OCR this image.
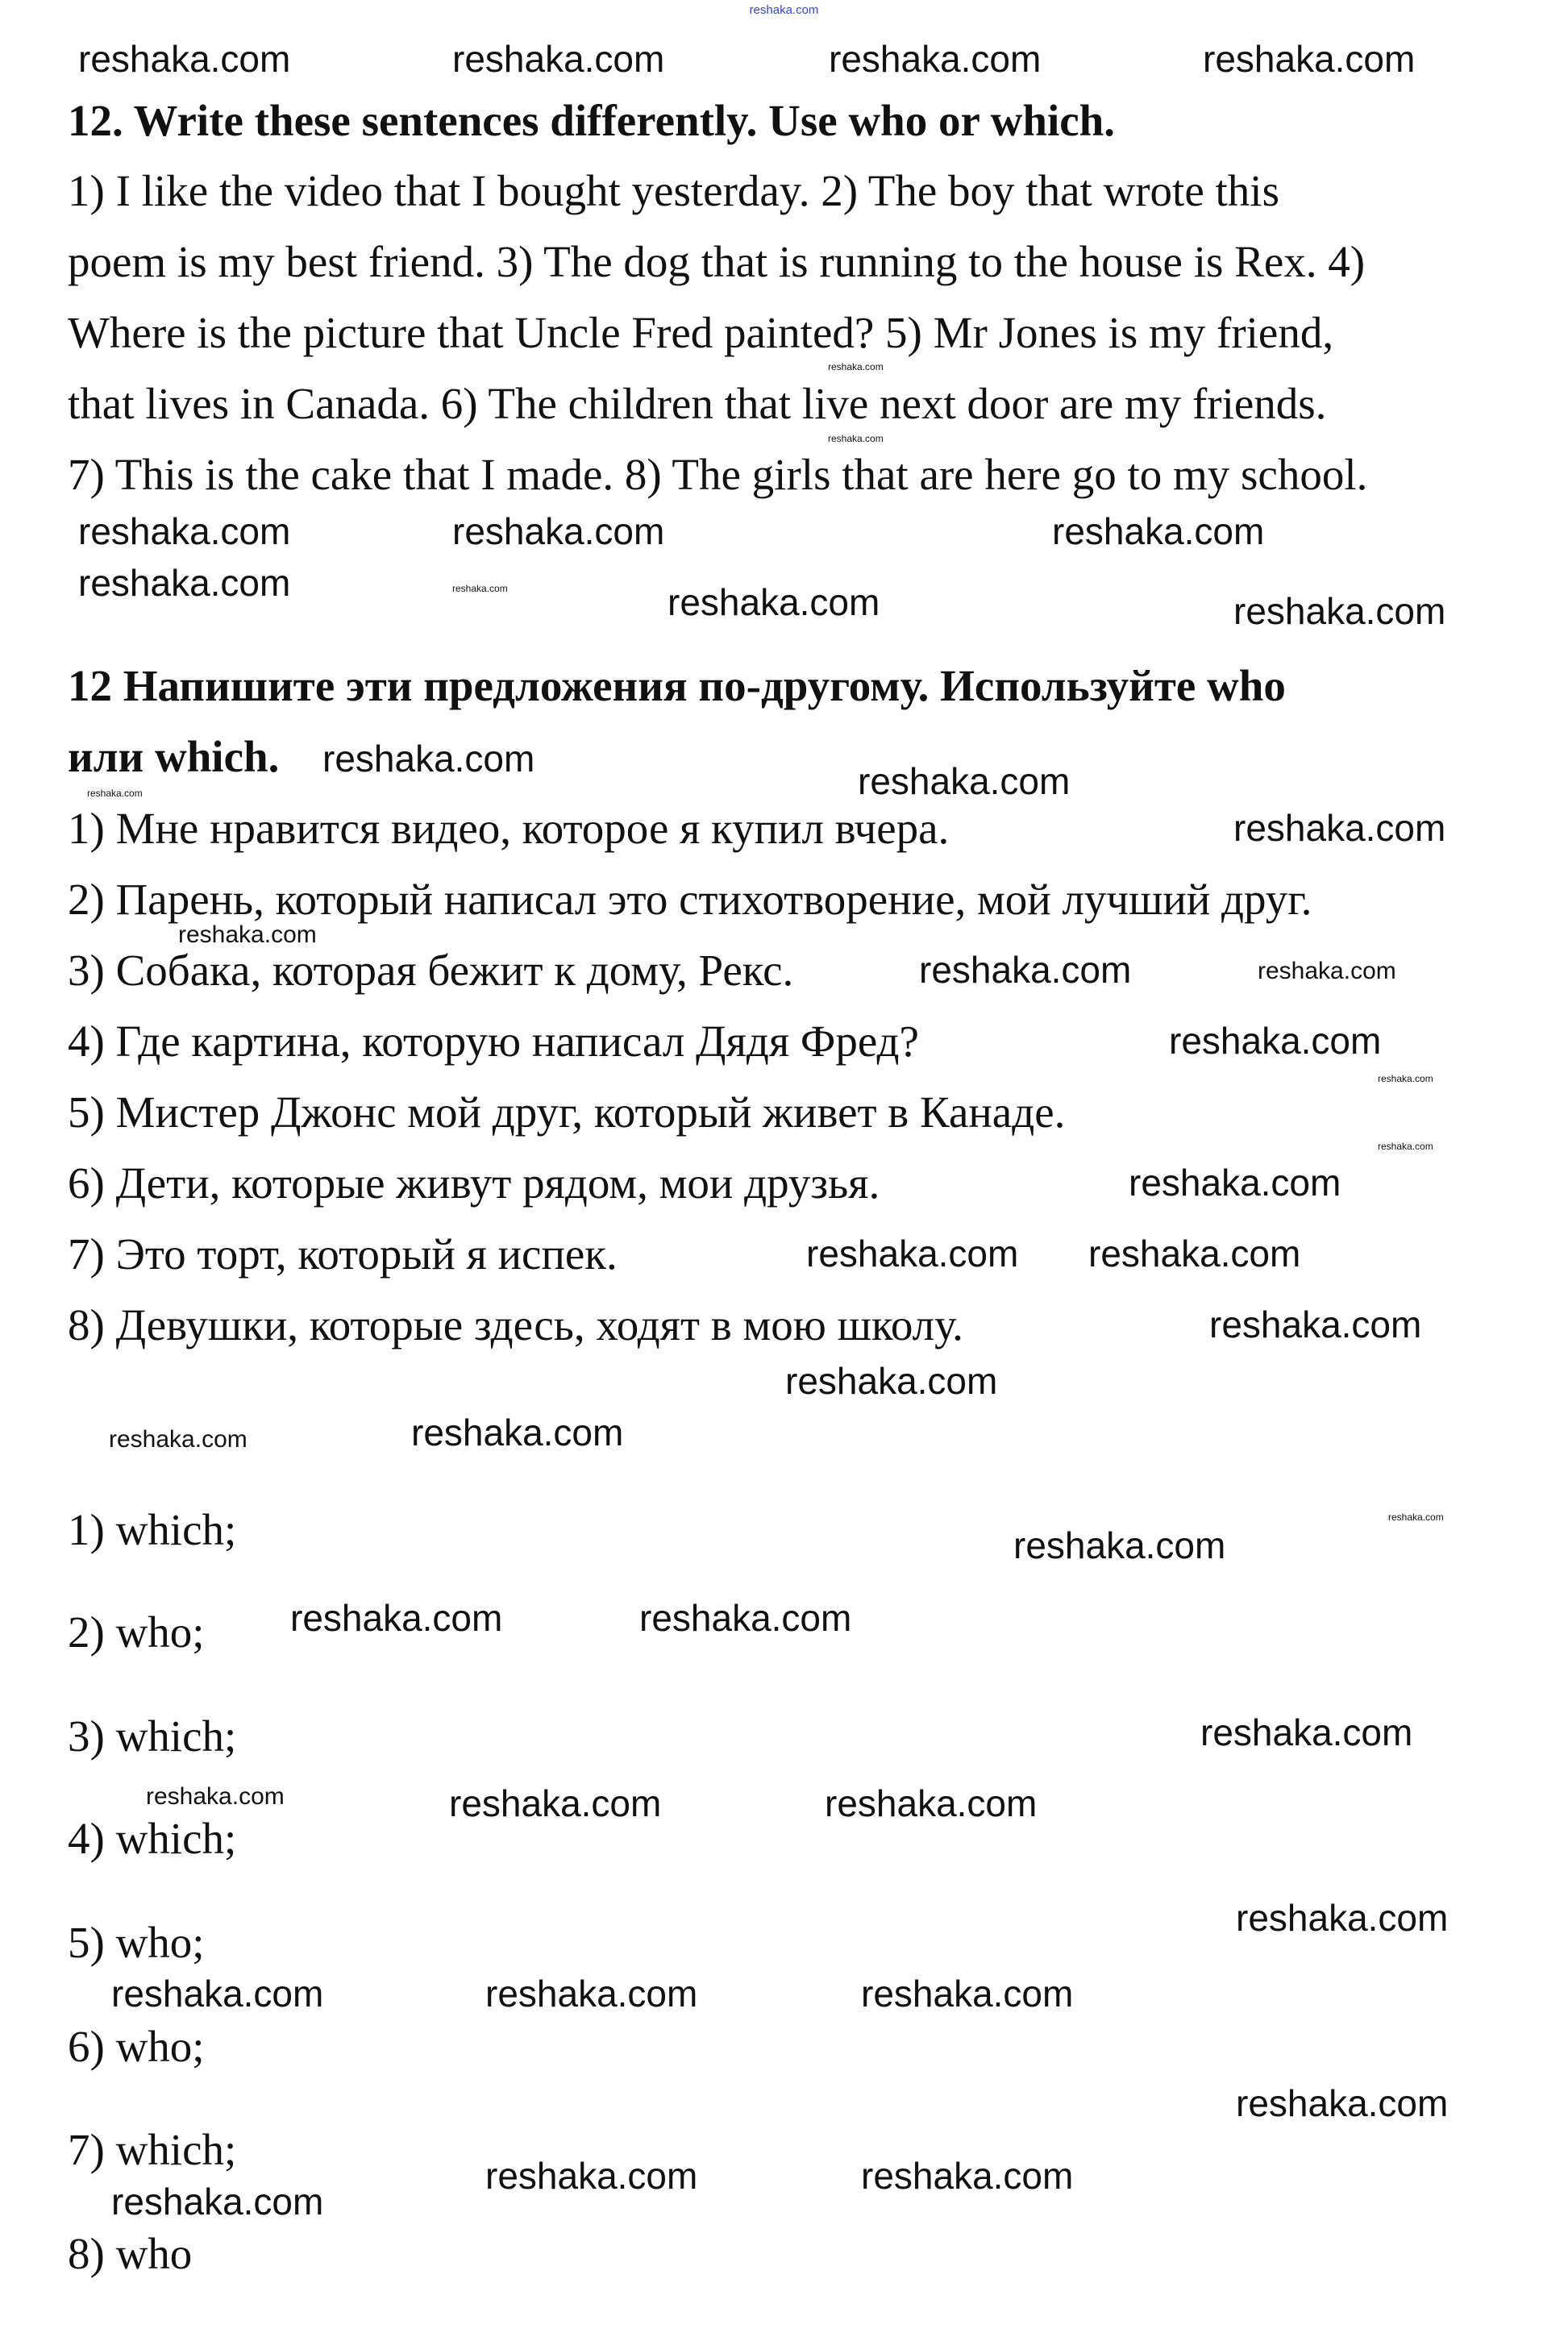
reshaka.com
12. Write these sentences differently. Use who or which.
1) I like the video that I bought yesterday. 2) The boy that wrote this
poem is my best friend. 3) The dog that is running to the house is Rex. 4)
Where is the picture that Uncle Fred painted? 5) Mr Jones is my friend,
that lives in Canada. 6) The children that live next door are my friends.
7) This is the cake that I made. 8) The girls that are here go to my school.
12 Напишите эти предложения по-другому. Используйте who
или which.
1) Мне нравится видео, которое я купил вчера.
2) Парень, который написал это стихотворение, мой лучший друг.
3) Собака, которая бежит к дому, Рекс.
4) Где картина, которую написал Дядя Фред?
5) Мистер Джонс мой друг, который живет в Канаде.
6) Дети, которые живут рядом, мои друзья.
7) Это торт, который я испек.
8) Девушки, которые здесь, ходят в мою школу.
1) which;
2) who;
3) which;
4) which;
5) who;
6) who;
7) which;
8) who
reshaka.com	reshaka.com	reshaka.com	reshaka.com
reshaka.com	reshaka.com
reshaka.com
reshaka.com
reshaka.com
reshaka.com	reshaka.com	reshaka.com	reshaka.com
reshaka.com
reshaka.com	reshaka.com
reshaka.com
reshaka.com
reshaka.com
reshaka.com	reshaka.com
reshaka.com
reshaka.com
reshaka.com reshaka.com
reshaka.com
reshaka.com
reshaka.com
reshaka.com	reshaka.com
reshaka.com
reshaka.com
reshaka.com	reshaka.com
reshaka.com
reshaka.com	reshaka.com	reshaka.com
reshaka.com
reshaka.com	reshaka.com	reshaka.com
reshaka.com
reshaka.com
reshaka.com	reshaka.com
